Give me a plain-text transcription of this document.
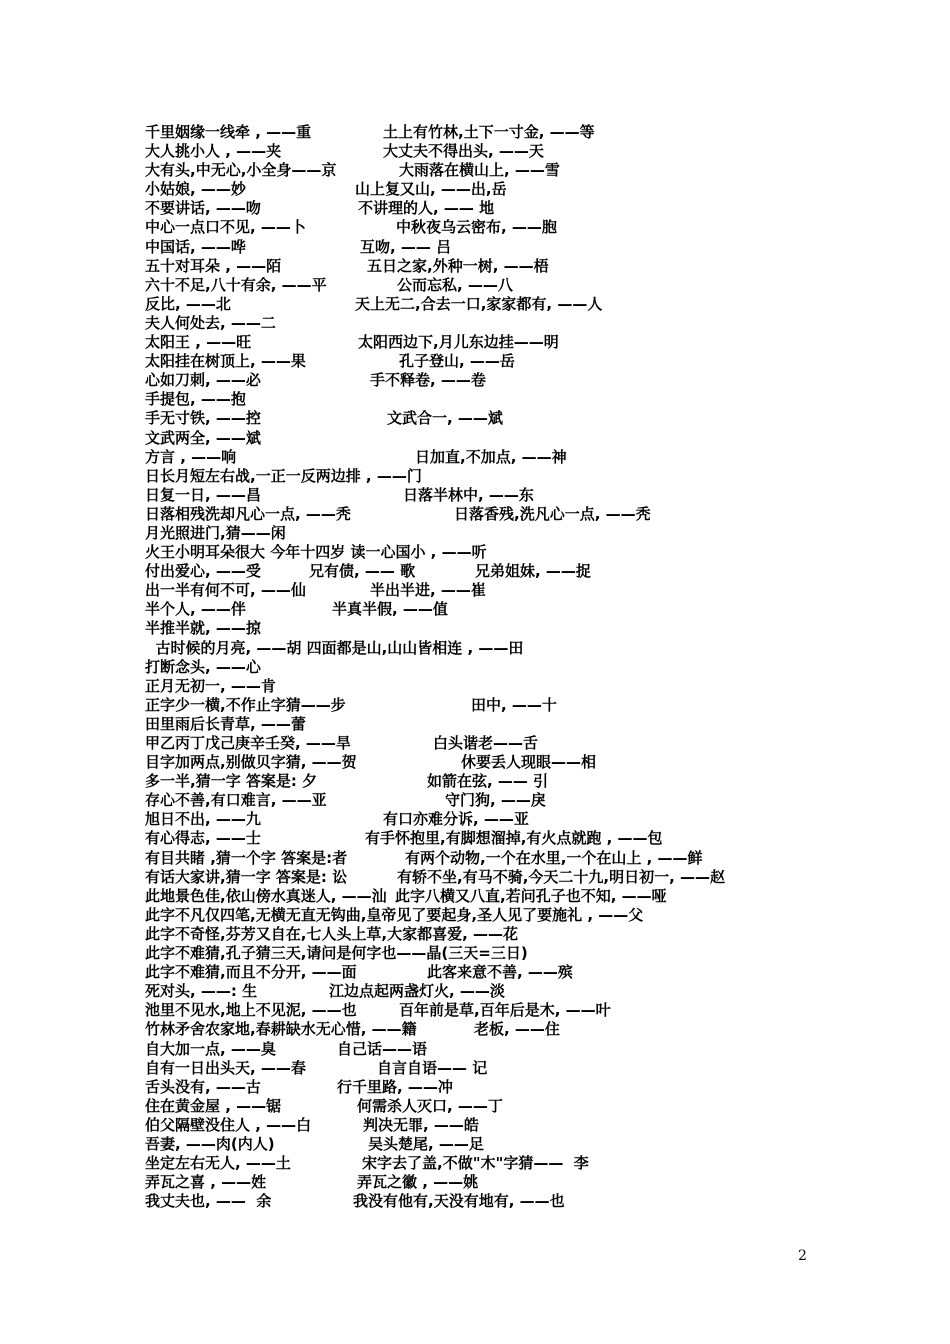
千里姻缘一线牵 , ——重	土上有竹林,土下一寸金, ——等
大人挑小人 , ——夹	大丈夫不得出头, ——天
大有头,中无心,小全身——京	大雨落在横山上, ——雪
小姑娘, ——妙	山上复又山, ——出,岳
不要讲话, ——吻	不讲理的人, —— 地
中心一点口不见, ——卜	中秋夜乌云密布, ——胞
中国话, ——哗	互吻, —— 吕
五十对耳朵 , ——陌	五日之家,外种一树, ——梧
六十不足,八十有余, ——平	公而忘私, ——八
反比, ——北	天上无二,合去一口,家家都有, ——人
夫人何处去, ——二
太阳王 , ——旺	太阳西边下,月儿东边挂——明
太阳挂在树顶上, ——果	孔子登山, ——岳
心如刀刺, ——必	手不释卷, ——卷
手提包, ——抱
手无寸铁, ——控	文武合一, ——斌
文武两全, ——斌
方言 , ——响	日加直,不加点, ——神
日长月短左右战,一正一反两边排 , ——门
日复一日, ——昌	日落半林中, ——东
日落相残洗却凡心一点, ——秃	日落香残,洗凡心一点, ——秃
月光照进门,猜——闲
火王小明耳朵很大 今年十四岁 读一心国小 , ——听
付出爱心, ——受	兄有债, —— 歌	兄弟姐妹, ——捉
出一半有何不可, ——仙	半出半进, ——崔
半个人, ——伴	半真半假, ——值
半推半就, ——掠
古时候的月亮, ——胡 四面都是山,山山皆相连 , ——田
打断念头, ——心
正月无初一, ——肯
正字少一横,不作止字猜——步	田中, ——十
田里雨后长青草, ——蕾
甲乙丙丁戊己庚辛壬癸, ——旱	白头谐老——舌
目字加两点,别做贝字猜, ——贺	休要丢人现眼——相
多一半,猜一字 答案是: 夕	如箭在弦, —— 引
存心不善,有口难言, ——亚	守门狗, ——戾
旭日不出, ——九	有口亦难分诉, ——亚
有心得志, ——士	有手怀抱里,有脚想溜掉,有火点就跑 , ——包
有目共睹 ,猜一个字 答案是:者	有两个动物,一个在水里,一个在山上 , ——鲜
有话大家讲,猜一字 答案是: 讼	有轿不坐,有马不骑,今天二十九,明日初一, ——赵
此地景色佳,依山傍水真迷人, ——汕 此字八横又八直,若问孔子也不知, ——哑
此字不凡仅四笔,无横无直无钩曲,皇帝见了要起身,圣人见了要施礼 , ——父
此字不奇怪,芬芳又自在,七人头上草,大家都喜爱, ——花
此字不难猜,孔子猜三天,请问是何字也——晶(三天=三日)
此字不难猜,而且不分开, ——面	此客来意不善, ——殡
死对头, ——: 生	江边点起两盏灯火, ——淡
池里不见水,地上不见泥, ——也	百年前是草,百年后是木, ——叶
竹林矛舍农家地,春耕缺水无心惜, ——籍	老板, ——住
自大加一点, ——臭	自己话——语
自有一日出头天, ——春	自言自语—— 记
舌头没有, ——古	行千里路, ——冲
住在黄金屋 , ——锯	何需杀人灭口, ——丁
伯父隔壁没住人 , ——白	判决无罪, ——皓
吾妻, ——肉(内人)	吴头楚尾, ——足
坐定左右无人, ——土	宋字去了盖,不做"木"字猜——  李
弄瓦之喜 , ——姓	弄瓦之徽 , ——姚
我丈夫也, ——  余	我没有他有,天没有地有, ——也
2
